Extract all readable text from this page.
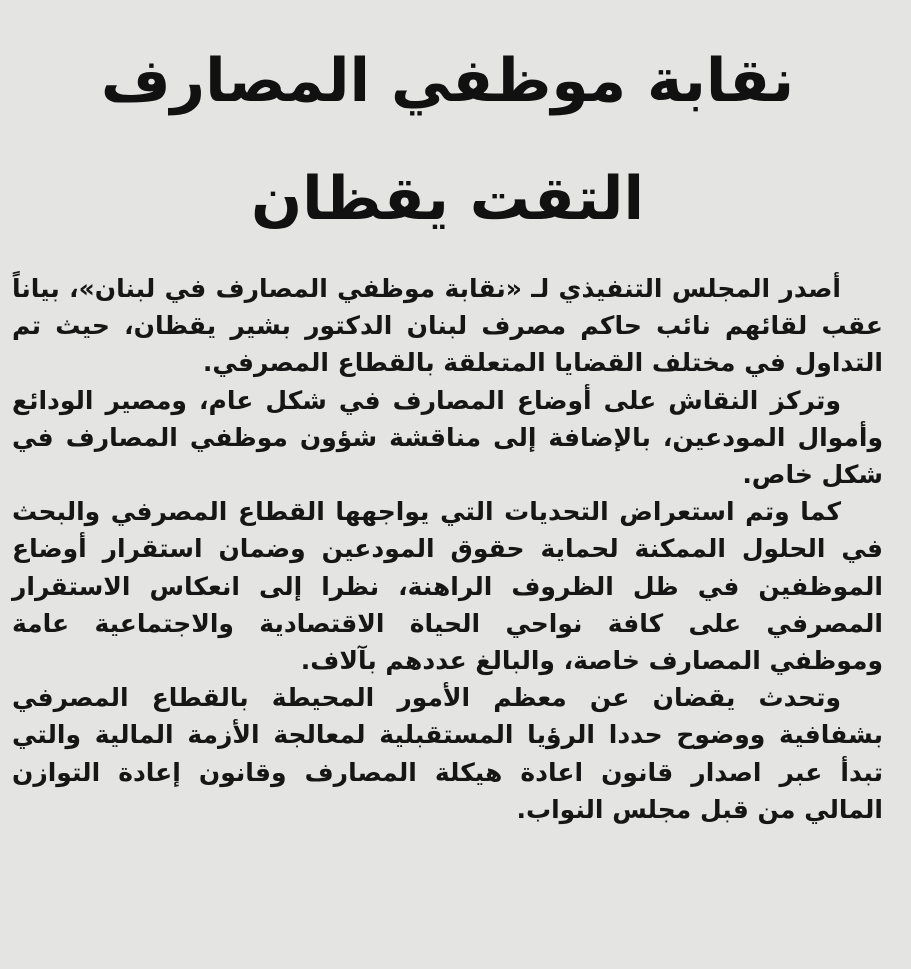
نقابة موظفي المصارف
التقت يقظان

أصدر المجلس التنفيذي لـ «نقابة موظفي المصارف في لبنان»، بياناً عقب لقائهم نائب حاكم مصرف لبنان الدكتور بشير يقظان، حيث تم التداول في مختلف القضايا المتعلقة بالقطاع المصرفي.

وتركز النقاش على أوضاع المصارف في شكل عام، ومصير الودائع وأموال المودعين، بالإضافة إلى مناقشة شؤون موظفي المصارف في شكل خاص.

كما وتم استعراض التحديات التي يواجهها القطاع المصرفي والبحث في الحلول الممكنة لحماية حقوق المودعين وضمان استقرار أوضاع الموظفين في ظل الظروف الراهنة، نظرا إلى انعكاس الاستقرار المصرفي على كافة نواحي الحياة الاقتصادية والاجتماعية عامة وموظفي المصارف خاصة، والبالغ عددهم بآلاف.

وتحدث يقضان عن معظم الأمور المحيطة بالقطاع المصرفي بشفافية ووضوح حددا الرؤيا المستقبلية لمعالجة الأزمة المالية والتي تبدأ عبر اصدار قانون اعادة هيكلة المصارف وقانون إعادة التوازن المالي من قبل مجلس النواب.
